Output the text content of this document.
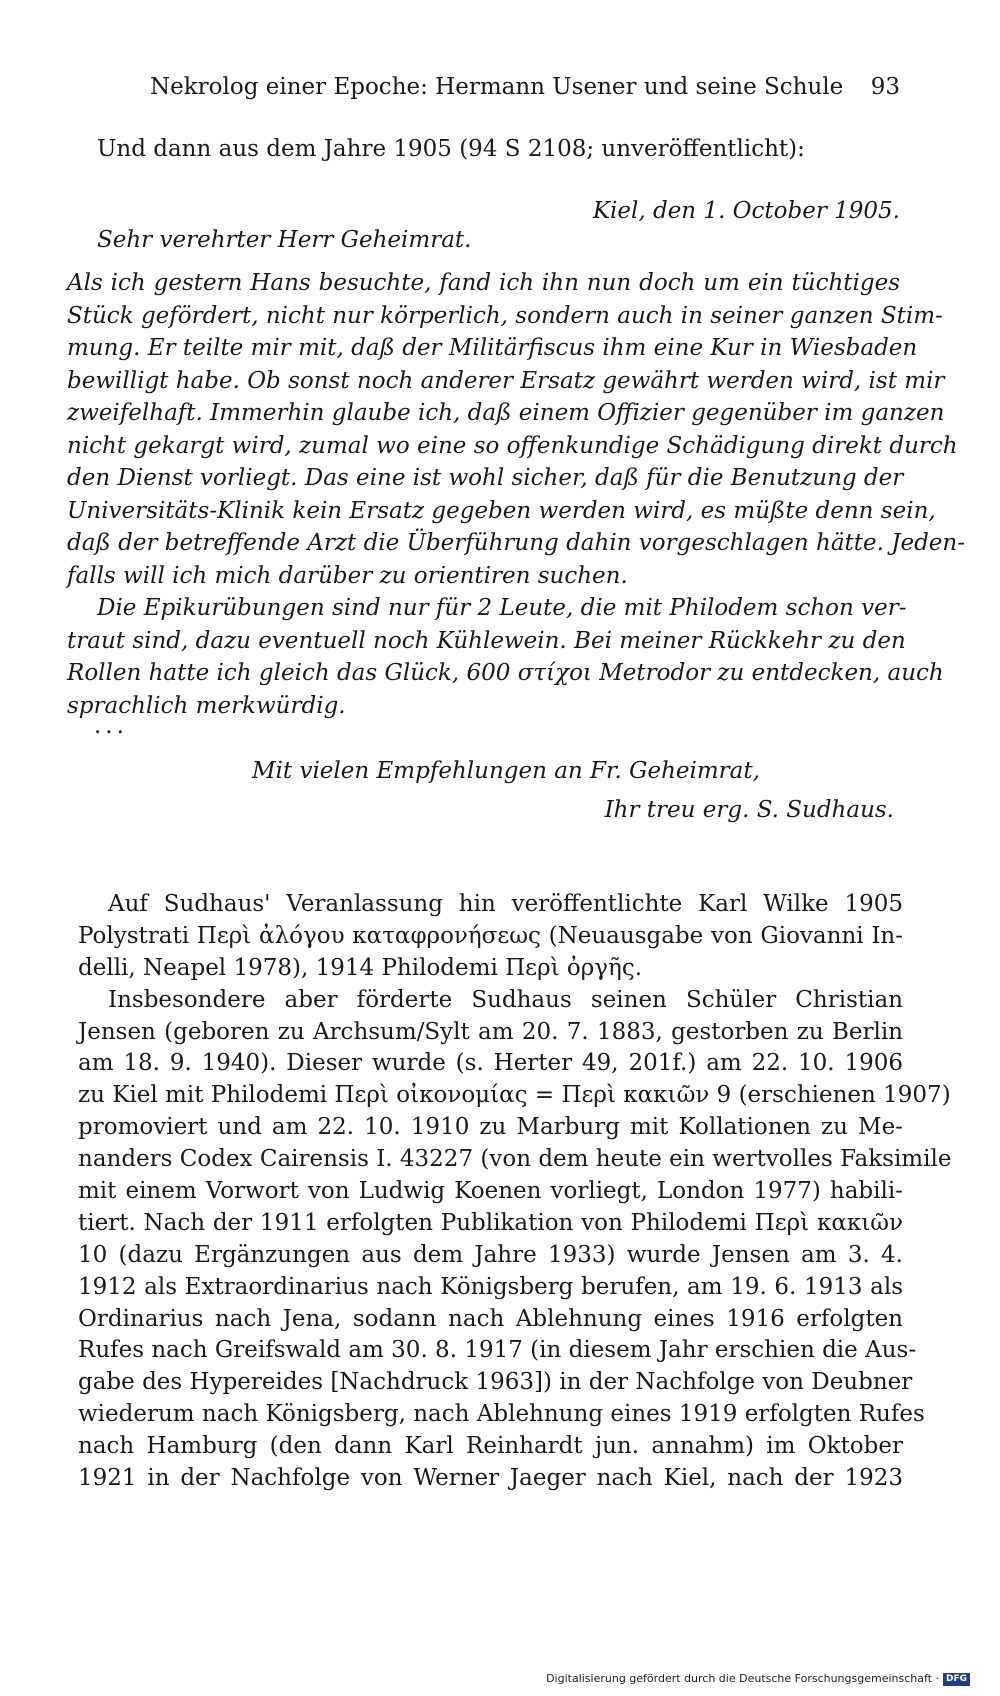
Nekrolog einer Epoche: Hermann Usener und seine Schule 93
Und dann aus dem Jahre 1905 (94 S 2108; unveröffentlicht):
Kiel, den 1. October 1905.
Sehr verehrter Herr Geheimrat.
Als ich gestern Hans besuchte, fand ich ihn nun doch um ein tüchtiges
Stück gefördert, nicht nur körperlich, sondern auch in seiner ganzen Stim-
mung. Er teilte mir mit, daß der Militärfiscus ihm eine Kur in Wiesbaden
bewilligt habe. Ob sonst noch anderer Ersatz gewährt werden wird, ist mir
zweifelhaft. Immerhin glaube ich, daß einem Offizier gegenüber im ganzen
nicht gekargt wird, zumal wo eine so offenkundige Schädigung direkt durch
den Dienst vorliegt. Das eine ist wohl sicher, daß für die Benutzung der
Universitäts-Klinik kein Ersatz gegeben werden wird, es müßte denn sein,
daß der betreffende Arzt die Überführung dahin vorgeschlagen hätte. Jeden-
falls will ich mich darüber zu orientiren suchen.
Die Epikurübungen sind nur für 2 Leute, die mit Philodem schon ver-
traut sind, dazu eventuell noch Kühlewein. Bei meiner Rückkehr zu den
Rollen hatte ich gleich das Glück, 600 στίχοι Metrodor zu entdecken, auch
sprachlich merkwürdig.
...
Mit vielen Empfehlungen an Fr. Geheimrat,
Ihr treu erg. S. Sudhaus.
Auf Sudhaus' Veranlassung hin veröffentlichte Karl Wilke 1905
Polystrati Περὶ ἀλόγου καταφρονήσεως (Neuausgabe von Giovanni In-
delli, Neapel 1978), 1914 Philodemi Περὶ ὀργῆς.
Insbesondere aber förderte Sudhaus seinen Schüler Christian
Jensen (geboren zu Archsum/Sylt am 20. 7. 1883, gestorben zu Berlin
am 18. 9. 1940). Dieser wurde (s. Herter 49, 201f.) am 22. 10. 1906
zu Kiel mit Philodemi Περὶ οἰκονομίας = Περὶ κακιῶν 9 (erschienen 1907)
promoviert und am 22. 10. 1910 zu Marburg mit Kollationen zu Me-
nanders Codex Cairensis I. 43227 (von dem heute ein wertvolles Faksimile
mit einem Vorwort von Ludwig Koenen vorliegt, London 1977) habili-
tiert. Nach der 1911 erfolgten Publikation von Philodemi Περὶ κακιῶν
10 (dazu Ergänzungen aus dem Jahre 1933) wurde Jensen am 3. 4.
1912 als Extraordinarius nach Königsberg berufen, am 19. 6. 1913 als
Ordinarius nach Jena, sodann nach Ablehnung eines 1916 erfolgten
Rufes nach Greifswald am 30. 8. 1917 (in diesem Jahr erschien die Aus-
gabe des Hypereides [Nachdruck 1963]) in der Nachfolge von Deubner
wiederum nach Königsberg, nach Ablehnung eines 1919 erfolgten Rufes
nach Hamburg (den dann Karl Reinhardt jun. annahm) im Oktober
1921 in der Nachfolge von Werner Jaeger nach Kiel, nach der 1923
Digitalisierung gefördert durch die Deutsche Forschungsgemeinschaft · DFG
